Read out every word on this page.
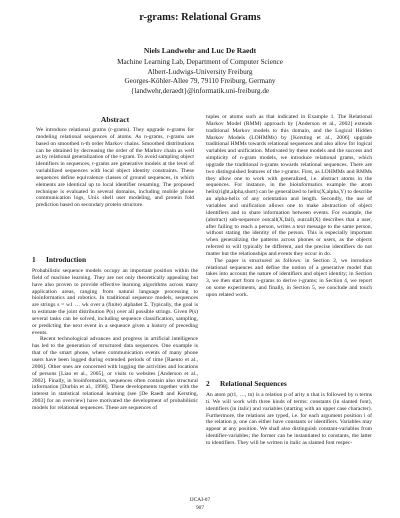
r-grams: Relational Grams
Niels Landwehr and Luc De Raedt
Machine Learning Lab, Department of Computer Science
Albert-Ludwigs-University Freiburg
Georges-Köhler-Allee 79, 79110 Freiburg, Germany
{landwehr,deraedt}@informatik.uni-freiburg.de
Abstract
We introduce relational grams (r-grams). They upgrade n-grams for modeling relational sequences of atoms. As n-grams, r-grams are based on smoothed n-th order Markov chains. Smoothed distributions can be obtained by decreasing the order of the Markov chain as well as by relational generalization of the r-gram. To avoid sampling object identifiers in sequences, r-grams are generative models at the level of variabilized sequences with local object identity constraints. These sequences define equivalence classes of ground sequences, in which elements are identical up to local identifier renaming. The proposed technique is evaluated in several domains, including mobile phone communication logs, Unix shell user modeling, and protein fold prediction based on secondary protein structure.
1 Introduction

Probabilistic sequence models occupy an important position within the field of machine learning. They are not only theoretically appealing but have also proven to provide effective learning algorithms across many application areas, ranging from natural language processing to bioinformatics and robotics. In traditional sequence models, sequences are strings s = w1 … wk over a (finite) alphabet Σ. Typically, the goal is to estimate the joint distribution P(s) over all possible strings. Given P(s) several tasks can be solved, including sequence classification, sampling, or predicting the next event in a sequence given a history of preceding events.

Recent technological advances and progress in artificial intelligence has led to the generation of structured data sequences. One example is that of the smart phone, where communication events of many phone users have been logged during extended periods of time [Raento et al., 2006]. Other ones are concerned with logging the activities and locations of persons [Liao et al., 2005], or visits to websites [Anderson et al., 2002]. Finally, in bioinformatics, sequences often contain also structural information [Durbin et al., 1998]. These developments together with the interest in statistical relational learning (see [De Raedt and Kersting, 2003] for an overview) have motivated the development of probabilistic models for relational sequences. These are sequences of

tuples or atoms such as that indicated in Example 1. The Relational Markov Model (RMM) approach by [Anderson et al., 2002] extends traditional Markov models to this domain, and the Logical Hidden Markov Models (LOHMMs) by [Kersting et al., 2006] upgrade traditional HMMs towards relational sequences and also allow for logical variables and unification. Motivated by these models and the success and simplicity of n-gram models, we introduce relational grams, which upgrade the traditional n-grams towards relational sequences. There are two distinguished features of the r-grams. First, as LOHMMs and RMMs they allow one to work with generalized, i.e. abstract atoms in the sequences. For instance, in the bioinformatics example the atom helix(right,alpha,short) can be generalized to helix(X,alpha,Y) to describe an alpha-helix of any orientation and length. Secondly, the use of variables and unification allows one to make abstraction of object identifiers and to share information between events. For example, the (abstract) sub-sequence outcall(X,fail), outcall(X) describes that a user, after failing to reach a person, writes a text message to the same person, without stating the identity of the person. This is especially important when generalizing the patterns across phones or users, as the objects referred to will typically be different, and the precise identifiers do not matter but the relationships and events they occur in do.

The paper is structured as follows: in Section 2, we introduce relational sequences and define the notion of a generative model that takes into account the nature of identifiers and object identity; in Section 3, we then start from n-grams to derive r-grams; in Section 4, we report on some experiments, and finally, in Section 5, we conclude and touch upon related work.

2 Relational Sequences

An atom p(t1, …, tn) is a relation p of arity n that is followed by n terms ti. We will work with three kinds of terms: constants (in slanted font), identifiers (in italic) and variables (starting with an upper case character). Furthermore, the relations are typed, i.e. for each argument position i of the relation p, one can either have constants or identifiers. Variables may appear at any position. We shall also distinguish constant-variables from identifier-variables; the former can be instantiated to constants, the latter to identifiers. They will be written in italic as slanted font respec-

IJCAI-07
907
